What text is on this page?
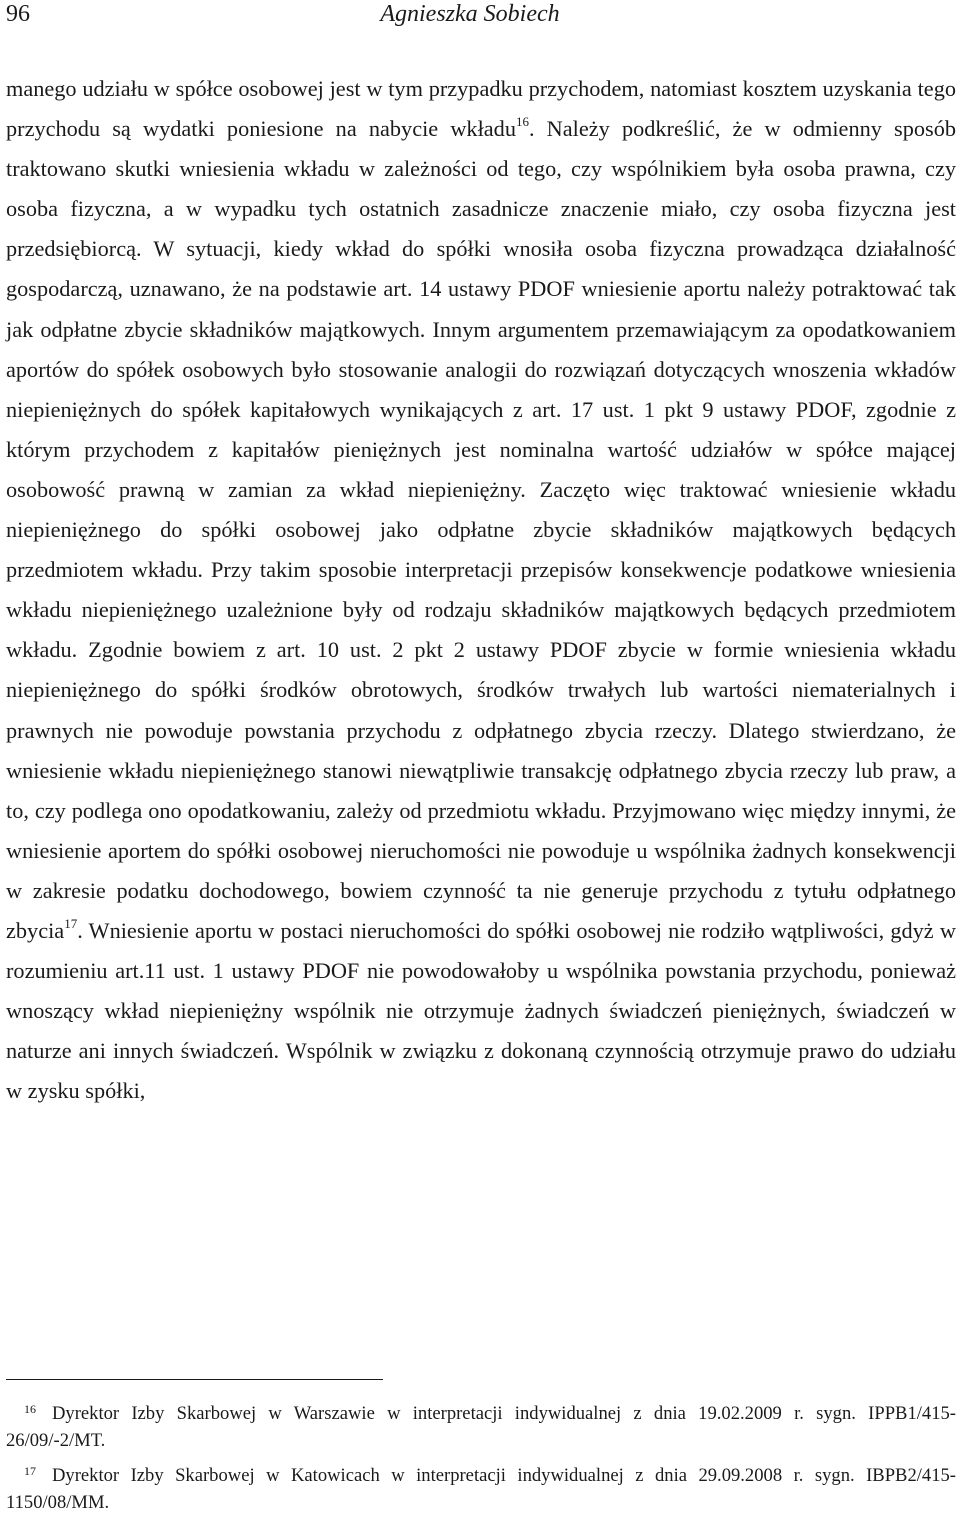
96	Agnieszka Sobiech

manego udziału w spółce osobowej jest w tym przypadku przychodem, natomiast kosztem uzyskania tego przychodu są wydatki poniesione na nabycie wkładu$^{16}$. Należy podkreślić, że w odmienny sposób traktowano skutki wniesienia wkładu w zależności od tego, czy wspólnikiem była osoba prawna, czy osoba fizyczna, a w wypadku tych ostatnich zasadnicze znaczenie miało, czy osoba fizyczna jest przedsiębiorcą. W sytuacji, kiedy wkład do spółki wnosiła osoba fizyczna prowadząca działalność gospodarczą, uznawano, że na podstawie art. 14 ustawy PDOF wniesienie aportu należy potraktować tak jak odpłatne zbycie składników majątkowych. Innym argumentem przemawiającym za opodatkowaniem aportów do spółek osobowych było stosowanie analogii do rozwiązań dotyczących wnoszenia wkładów niepieniężnych do spółek kapitałowych wynikających z art. 17 ust. 1 pkt 9 ustawy PDOF, zgodnie z którym przychodem z kapitałów pieniężnych jest nominalna wartość udziałów w spółce mającej osobowość prawną w zamian za wkład niepieniężny. Zaczęto więc traktować wniesienie wkładu niepieniężnego do spółki osobowej jako odpłatne zbycie składników majątkowych będących przedmiotem wkładu. Przy takim sposobie interpretacji przepisów konsekwencje podatkowe wniesienia wkładu niepieniężnego uzależnione były od rodzaju składników majątkowych będących przedmiotem wkładu. Zgodnie bowiem z art. 10 ust. 2 pkt 2 ustawy PDOF zbycie w formie wniesienia wkładu niepieniężnego do spółki środków obrotowych, środków trwałych lub wartości niematerialnych i prawnych nie powoduje powstania przychodu z odpłatnego zbycia rzeczy. Dlatego stwierdzano, że wniesienie wkładu niepieniężnego stanowi niewątpliwie transakcję odpłatnego zbycia rzeczy lub praw, a to, czy podlega ono opodatkowaniu, zależy od przedmiotu wkładu. Przyjmowano więc między innymi, że wniesienie aportem do spółki osobowej nieruchomości nie powoduje u wspólnika żadnych konsekwencji w zakresie podatku dochodowego, bowiem czynność ta nie generuje przychodu z tytułu odpłatnego zbycia$^{17}$. Wniesienie aportu w postaci nieruchomości do spółki osobowej nie rodziło wątpliwości, gdyż w rozumieniu art.11 ust. 1 ustawy PDOF nie powodowałoby u wspólnika powstania przychodu, ponieważ wnoszący wkład niepieniężny wspólnik nie otrzymuje żadnych świadczeń pieniężnych, świadczeń w naturze ani innych świadczeń. Wspólnik w związku z dokonaną czynnością otrzymuje prawo do udziału w zysku spółki,

16 Dyrektor Izby Skarbowej w Warszawie w interpretacji indywidualnej z dnia 19.02.2009 r. sygn. IPPB1/415-26/09/-2/MT.

17 Dyrektor Izby Skarbowej w Katowicach w interpretacji indywidualnej z dnia 29.09.2008 r. sygn. IBPB2/415-1150/08/MM.
